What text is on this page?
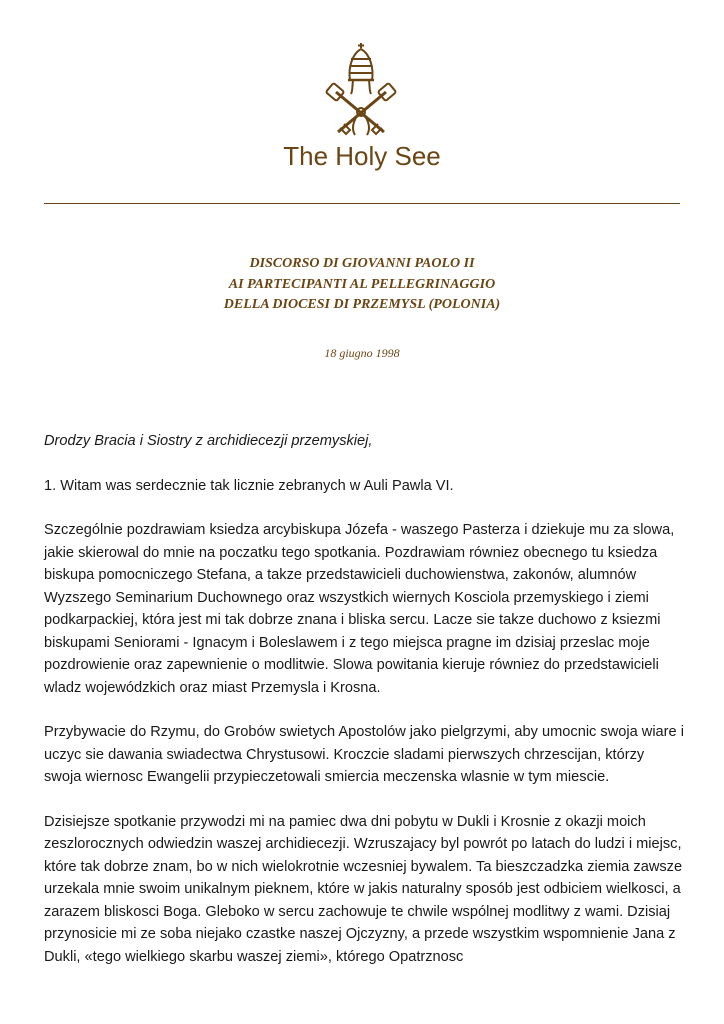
The Holy See
DISCORSO DI GIOVANNI PAOLO II
AI PARTECIPANTI AL PELLEGRINAGGIO
DELLA DIOCESI DI PRZEMYSL (POLONIA)
18 giugno 1998

Drodzy Bracia i Siostry z archidiecezji przemyskiej,

1. Witam was serdecznie tak licznie zebranych w Auli Pawla VI.

Szczególnie pozdrawiam ksiedza arcybiskupa Józefa - waszego Pasterza i dziekuje mu za slowa, jakie skierowal do mnie na poczatku tego spotkania. Pozdrawiam równiez obecnego tu ksiedza biskupa pomocniczego Stefana, a takze przedstawicieli duchowienstwa, zakonów, alumnów Wyzszego Seminarium Duchownego oraz wszystkich wiernych Kosciola przemyskiego i ziemi podkarpackiej, która jest mi tak dobrze znana i bliska sercu. Lacze sie takze duchowo z ksiezmi biskupami Seniorami - Ignacym i Boleslawem i z tego miejsca pragne im dzisiaj przeslac moje pozdrowienie oraz zapewnienie o modlitwie. Slowa powitania kieruje równiez do przedstawicieli wladz wojewódzkich oraz miast Przemysla i Krosna.

Przybywacie do Rzymu, do Grobów swietych Apostolów jako pielgrzymi, aby umocnic swoja wiare i uczyc sie dawania swiadectwa Chrystusowi. Kroczcie sladami pierwszych chrzescijan, którzy swoja wiernosc Ewangelii przypieczetowali smiercia meczenska wlasnie w tym miescie.

Dzisiejsze spotkanie przywodzi mi na pamiec dwa dni pobytu w Dukli i Krosnie z okazji moich zeszlorocznych odwiedzin waszej archidiecezji. Wzruszajacy byl powrót po latach do ludzi i miejsc, które tak dobrze znam, bo w nich wielokrotnie wczesniej bywalem. Ta bieszczadzka ziemia zawsze urzekala mnie swoim unikalnym pieknem, które w jakis naturalny sposób jest odbiciem wielkosci, a zarazem bliskosci Boga. Gleboko w sercu zachowuje te chwile wspólnej modlitwy z wami. Dzisiaj przynosicie mi ze soba niejako czastke naszej Ojczyzny, a przede wszystkim wspomnienie Jana z Dukli, «tego wielkiego skarbu waszej ziemi», którego Opatrznosc
